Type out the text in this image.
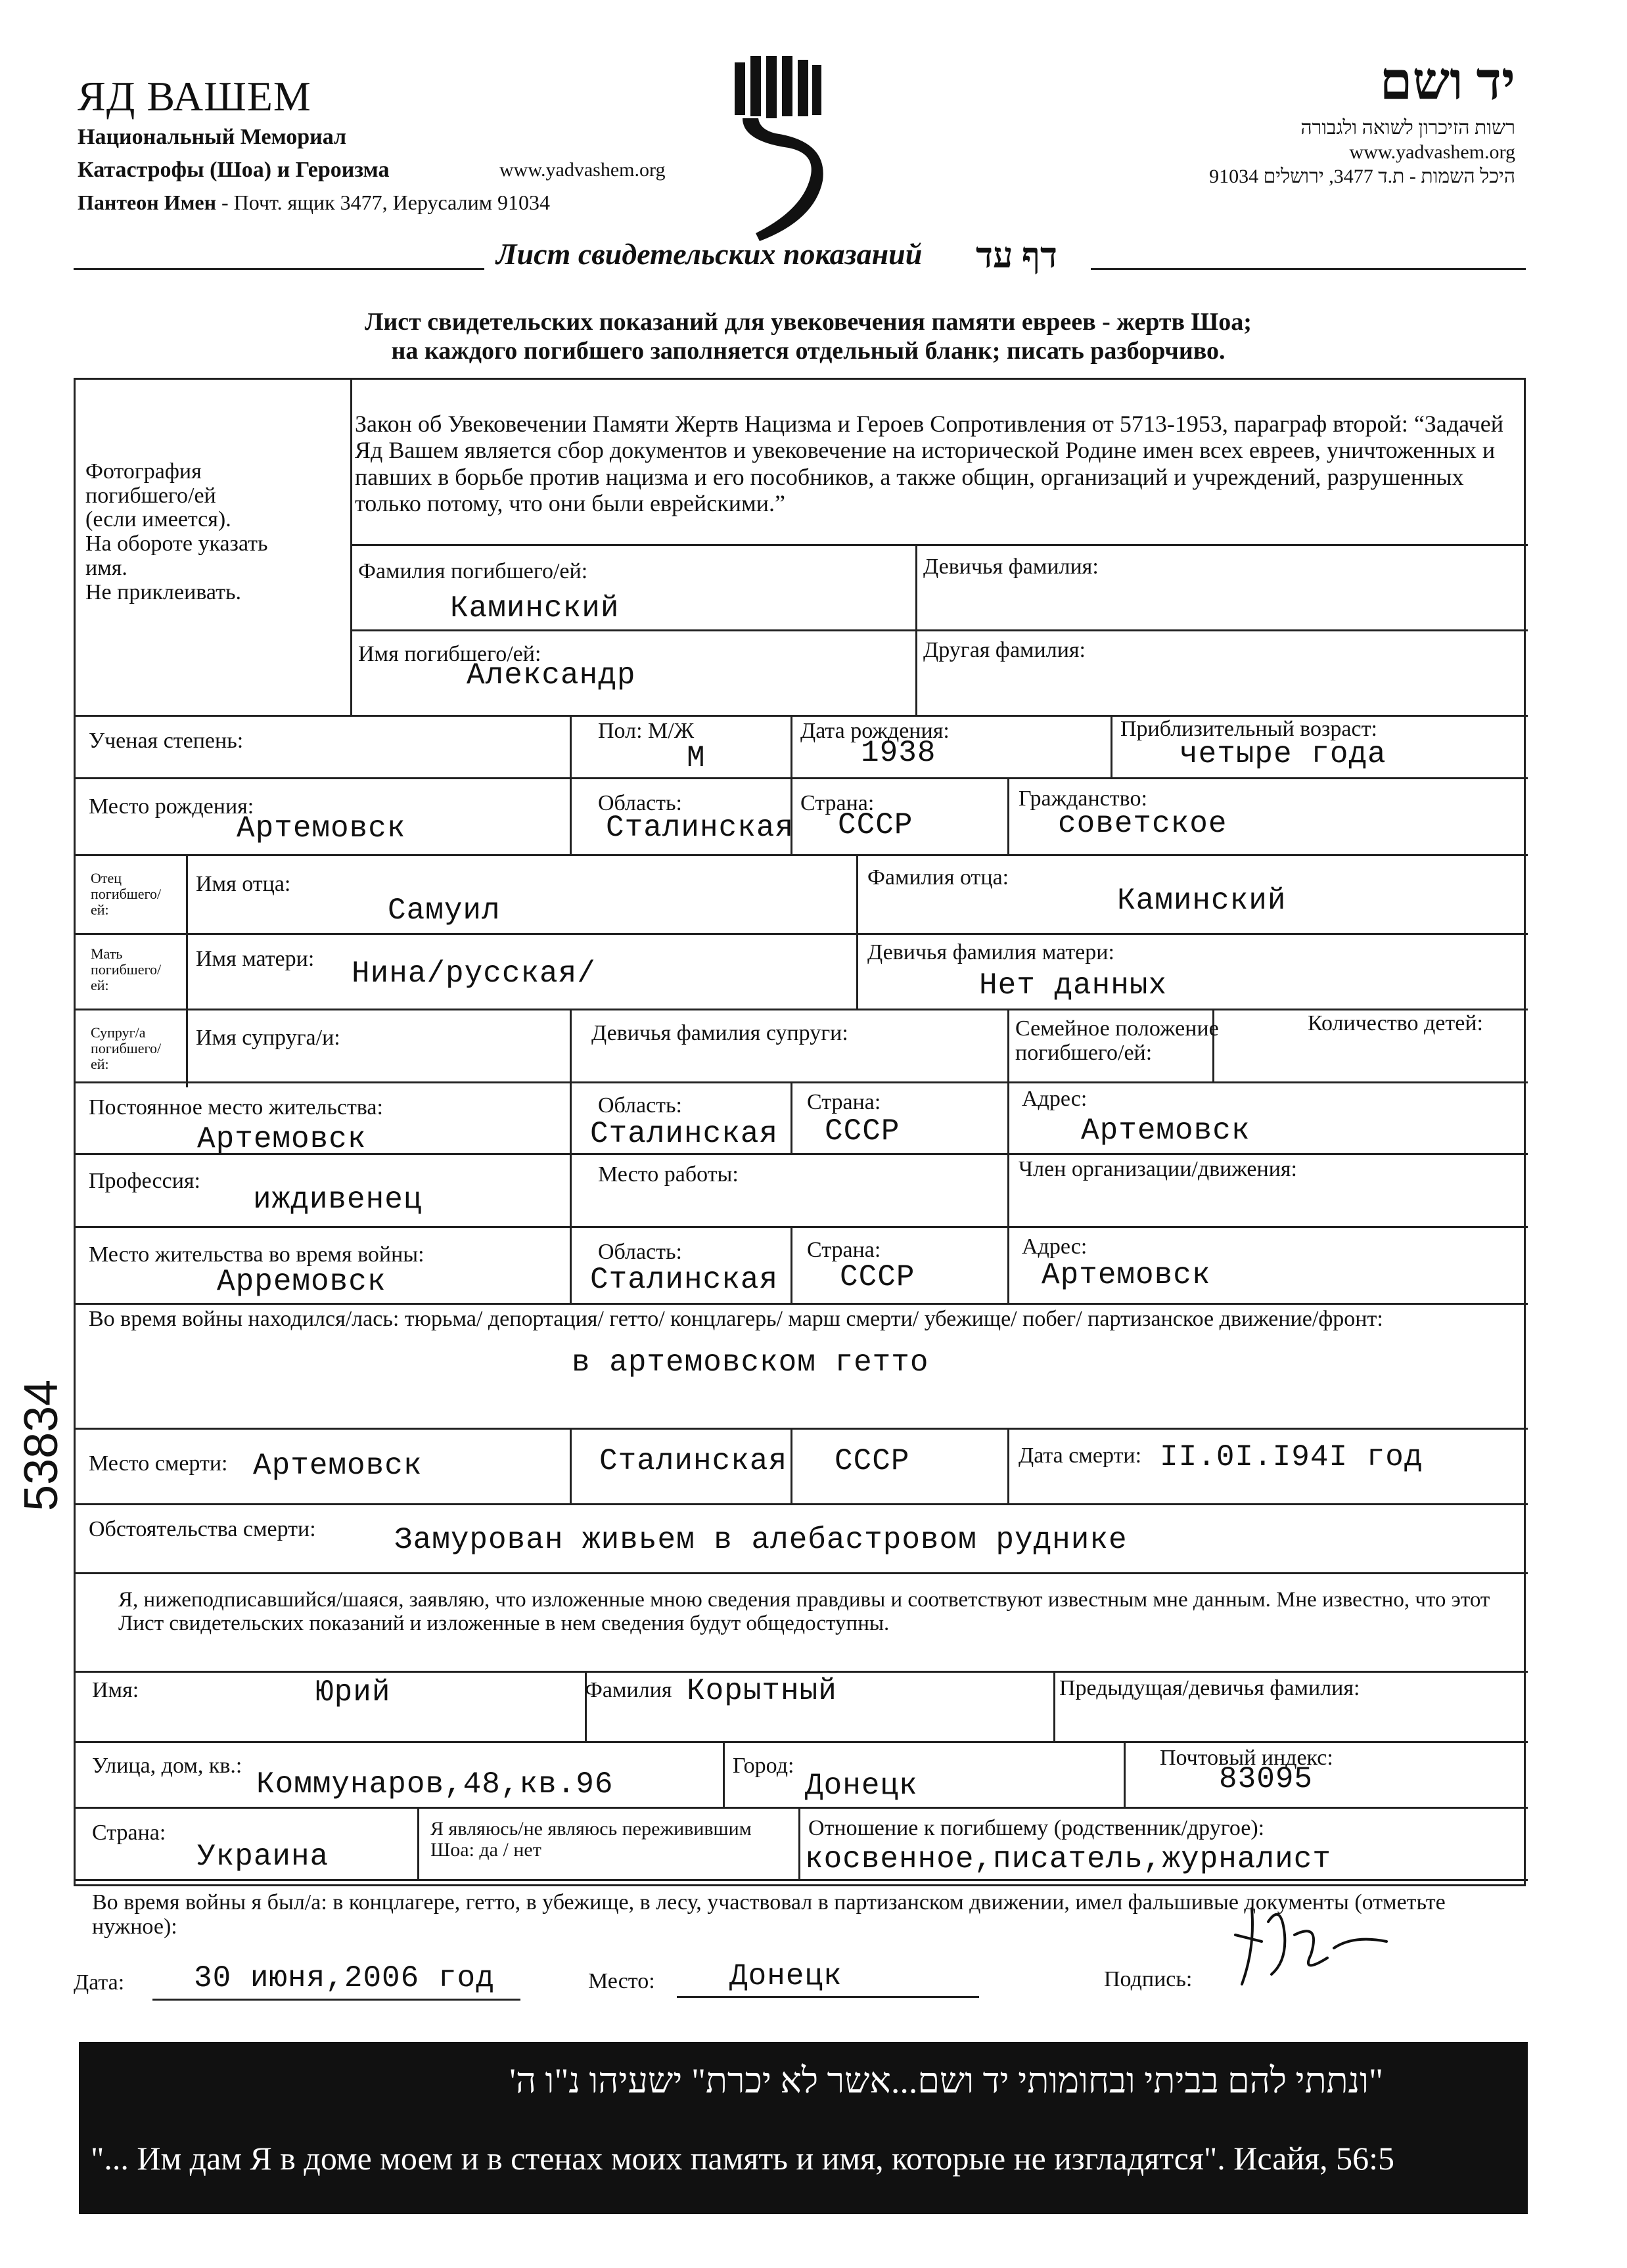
ЯД ВАШЕМ
Национальный Мемориал
Катастрофы (Шоа) и Героизма	www.yadvashem.org
Пантеон Имен - Почт. ящик 3477, Иерусалим 91034
יד ושם
רשות הזיכרון לשואה ולגבורה
www.yadvashem.org
היכל השמות - ת.ד 3477, ירושלים 91034
Лист свидетельских показаний דף עד
Лист свидетельских показаний для увековечения памяти евреев - жертв Шоа;
на каждого погибшего заполняется отдельный бланк; писать разборчиво.
Фотография
погибшего/ей
(если имеется).
На обороте указать
имя.
Не приклеивать.
Закон об Увековечении Памяти Жертв Нацизма и Героев Сопротивления от 5713-1953, параграф второй: “Задачей Яд Вашем является сбор документов и увековечение на исторической Родине имен всех евреев, уничтоженных и павших в борьбе против нацизма и его пособников, а также общин, организаций и учреждений, разрушенных только потому, что они были еврейскими.”
Фамилия погибшего/ей:
Каминский
Девичья фамилия:
Имя погибшего/ей:
Александр
Другая фамилия:
Ученая степень:	Пол: М/Ж
М
Дата рождения:
1938
Приблизительный возраст:
четыре года
Место рождения:
Артемовск
Область:
Сталинская
Страна:
СССР
Гражданство:
советское
Отец погибшего/ ей:
Имя отца:
Самуил
Фамилия отца:
Каминский
Мать погибшего/ ей:
Имя матери: Нина/русская/
Девичья фамилия матери:
Нет данных
Супруг/а погибшего/ ей:
Имя супруга/и:	Девичья фамилия супруги:	Семейное положение погибшего/ей:
Количество детей:
Постоянное место жительства:
Артемовск
Область:
Сталинская
Страна:
СССР
Адрес:
Артемовск
Профессия:
иждивенец
Место работы:	Член организации/движения:
Место жительства во время войны:
Арремовск
Область:
Сталинская
Страна:
СССР
Адрес:
Артемовск
Во время войны находился/лась: тюрьма/ депортация/ гетто/ концлагерь/ марш смерти/ убежище/ побег/ партизанское движение/фронт:
в артемовском гетто
Место смерти: Артемовск	Сталинская СССР	Дата смерти: II.0I.I94I год
Обстоятельства смерти:	Замурован живьем в алебастровом руднике
Я, нижеподписавшийся/шаяся, заявляю, что изложенные мною сведения правдивы и соответствуют известным мне данным. Мне известно, что этот Лист свидетельских показаний и изложенные в нем сведения будут общедоступны.
Имя:	Юрий	Фамилия Корытный	Предыдущая/девичья фамилия:
Улица, дом, кв.:
Коммунаров,48,кв.96
Город:
Донецк
Почтовый индекс:
83095
Страна:
Украина
Я являюсь/не являюсь переживившим Шоа: да / нет
Отношение к погибшему (родственник/другое):
косвенное,писатель,журналист
Во время войны я был/а: в концлагере, гетто, в убежище, в лесу, участвовал в партизанском движении, имел фальшивые документы (отметьте нужное):
Дата: 30 июня,2006 год	Место: Донецк	Подпись:
53834
"ונתתי להם בביתי ובחומותי יד ושם...אשר לא יכרת" ישעיהו נ"ו ה'
"... Им дам Я в доме моем и в стенах моих память и имя, которые не изгладятся". Исайя, 56:5
